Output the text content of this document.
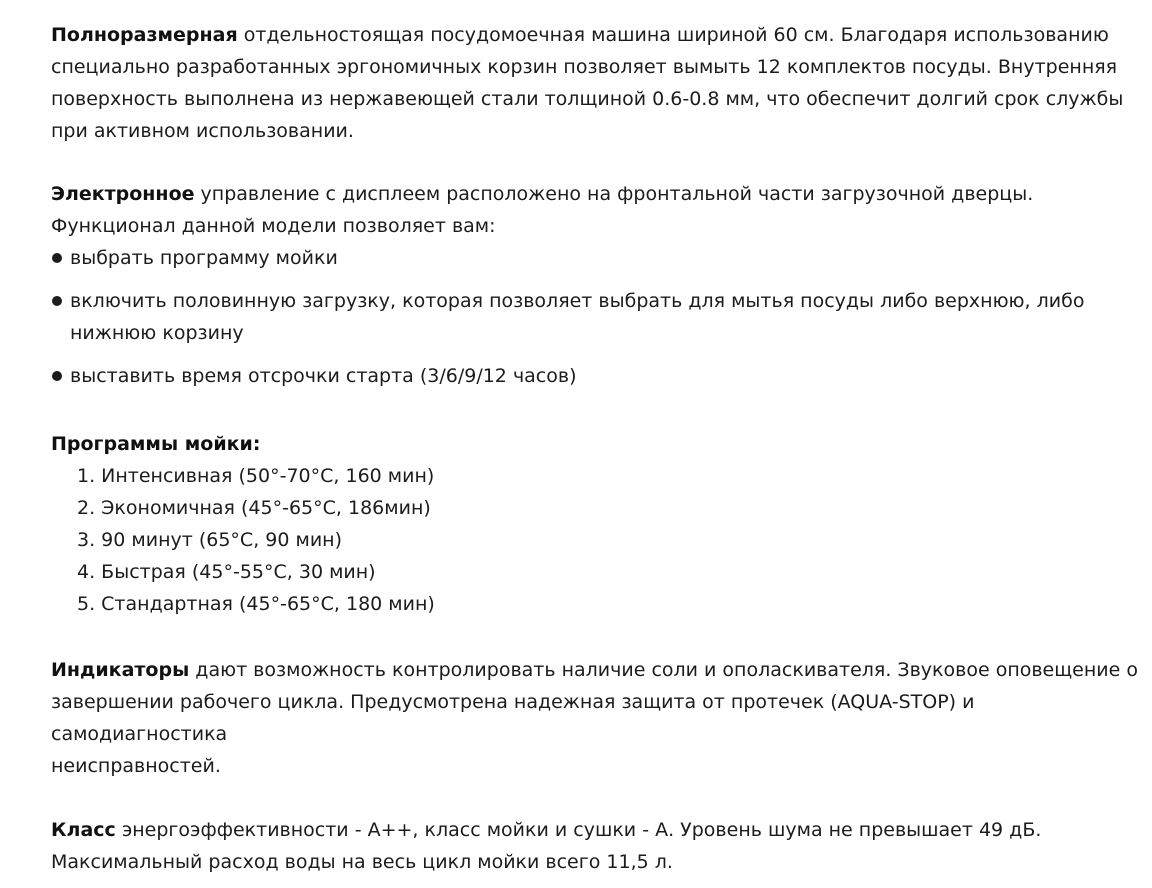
Полноразмерная отдельностоящая посудомоечная машина шириной 60 см. Благодаря использованию

специально разработанных эргономичных корзин позволяет вымыть 12 комплектов посуды. Внутренняя

поверхность выполнена из нержавеющей стали толщиной 0.6-0.8 мм, что обеспечит долгий срок службы

при активном использовании.

Электронное управление с дисплеем расположено на фронтальной части загрузочной дверцы.

Функционал данной модели позволяет вам:

выбрать программу мойки
включить половинную загрузку, которая позволяет выбрать для мытья посуды либо верхнюю, либо
нижнюю корзину
выставить время отсрочки старта (3/6/9/12 часов)

Программы мойки:

1. Интенсивная (50°-70°С, 160 мин)
2. Экономичная (45°-65°С, 186мин)
3. 90 минут (65°С, 90 мин)
4. Быстрая (45°-55°С, 30 мин)
5. Стандартная (45°-65°С, 180 мин)

Индикаторы дают возможность контролировать наличие соли и ополаскивателя. Звуковое оповещение о

завершении рабочего цикла. Предусмотрена надежная защита от протечек (AQUA-STOP) и самодиагностика

неисправностей.

Класс энергоэффективности - А++, класс мойки и сушки - А. Уровень шума не превышает 49 дБ.

Максимальный расход воды на весь цикл мойки всего 11,5 л.
